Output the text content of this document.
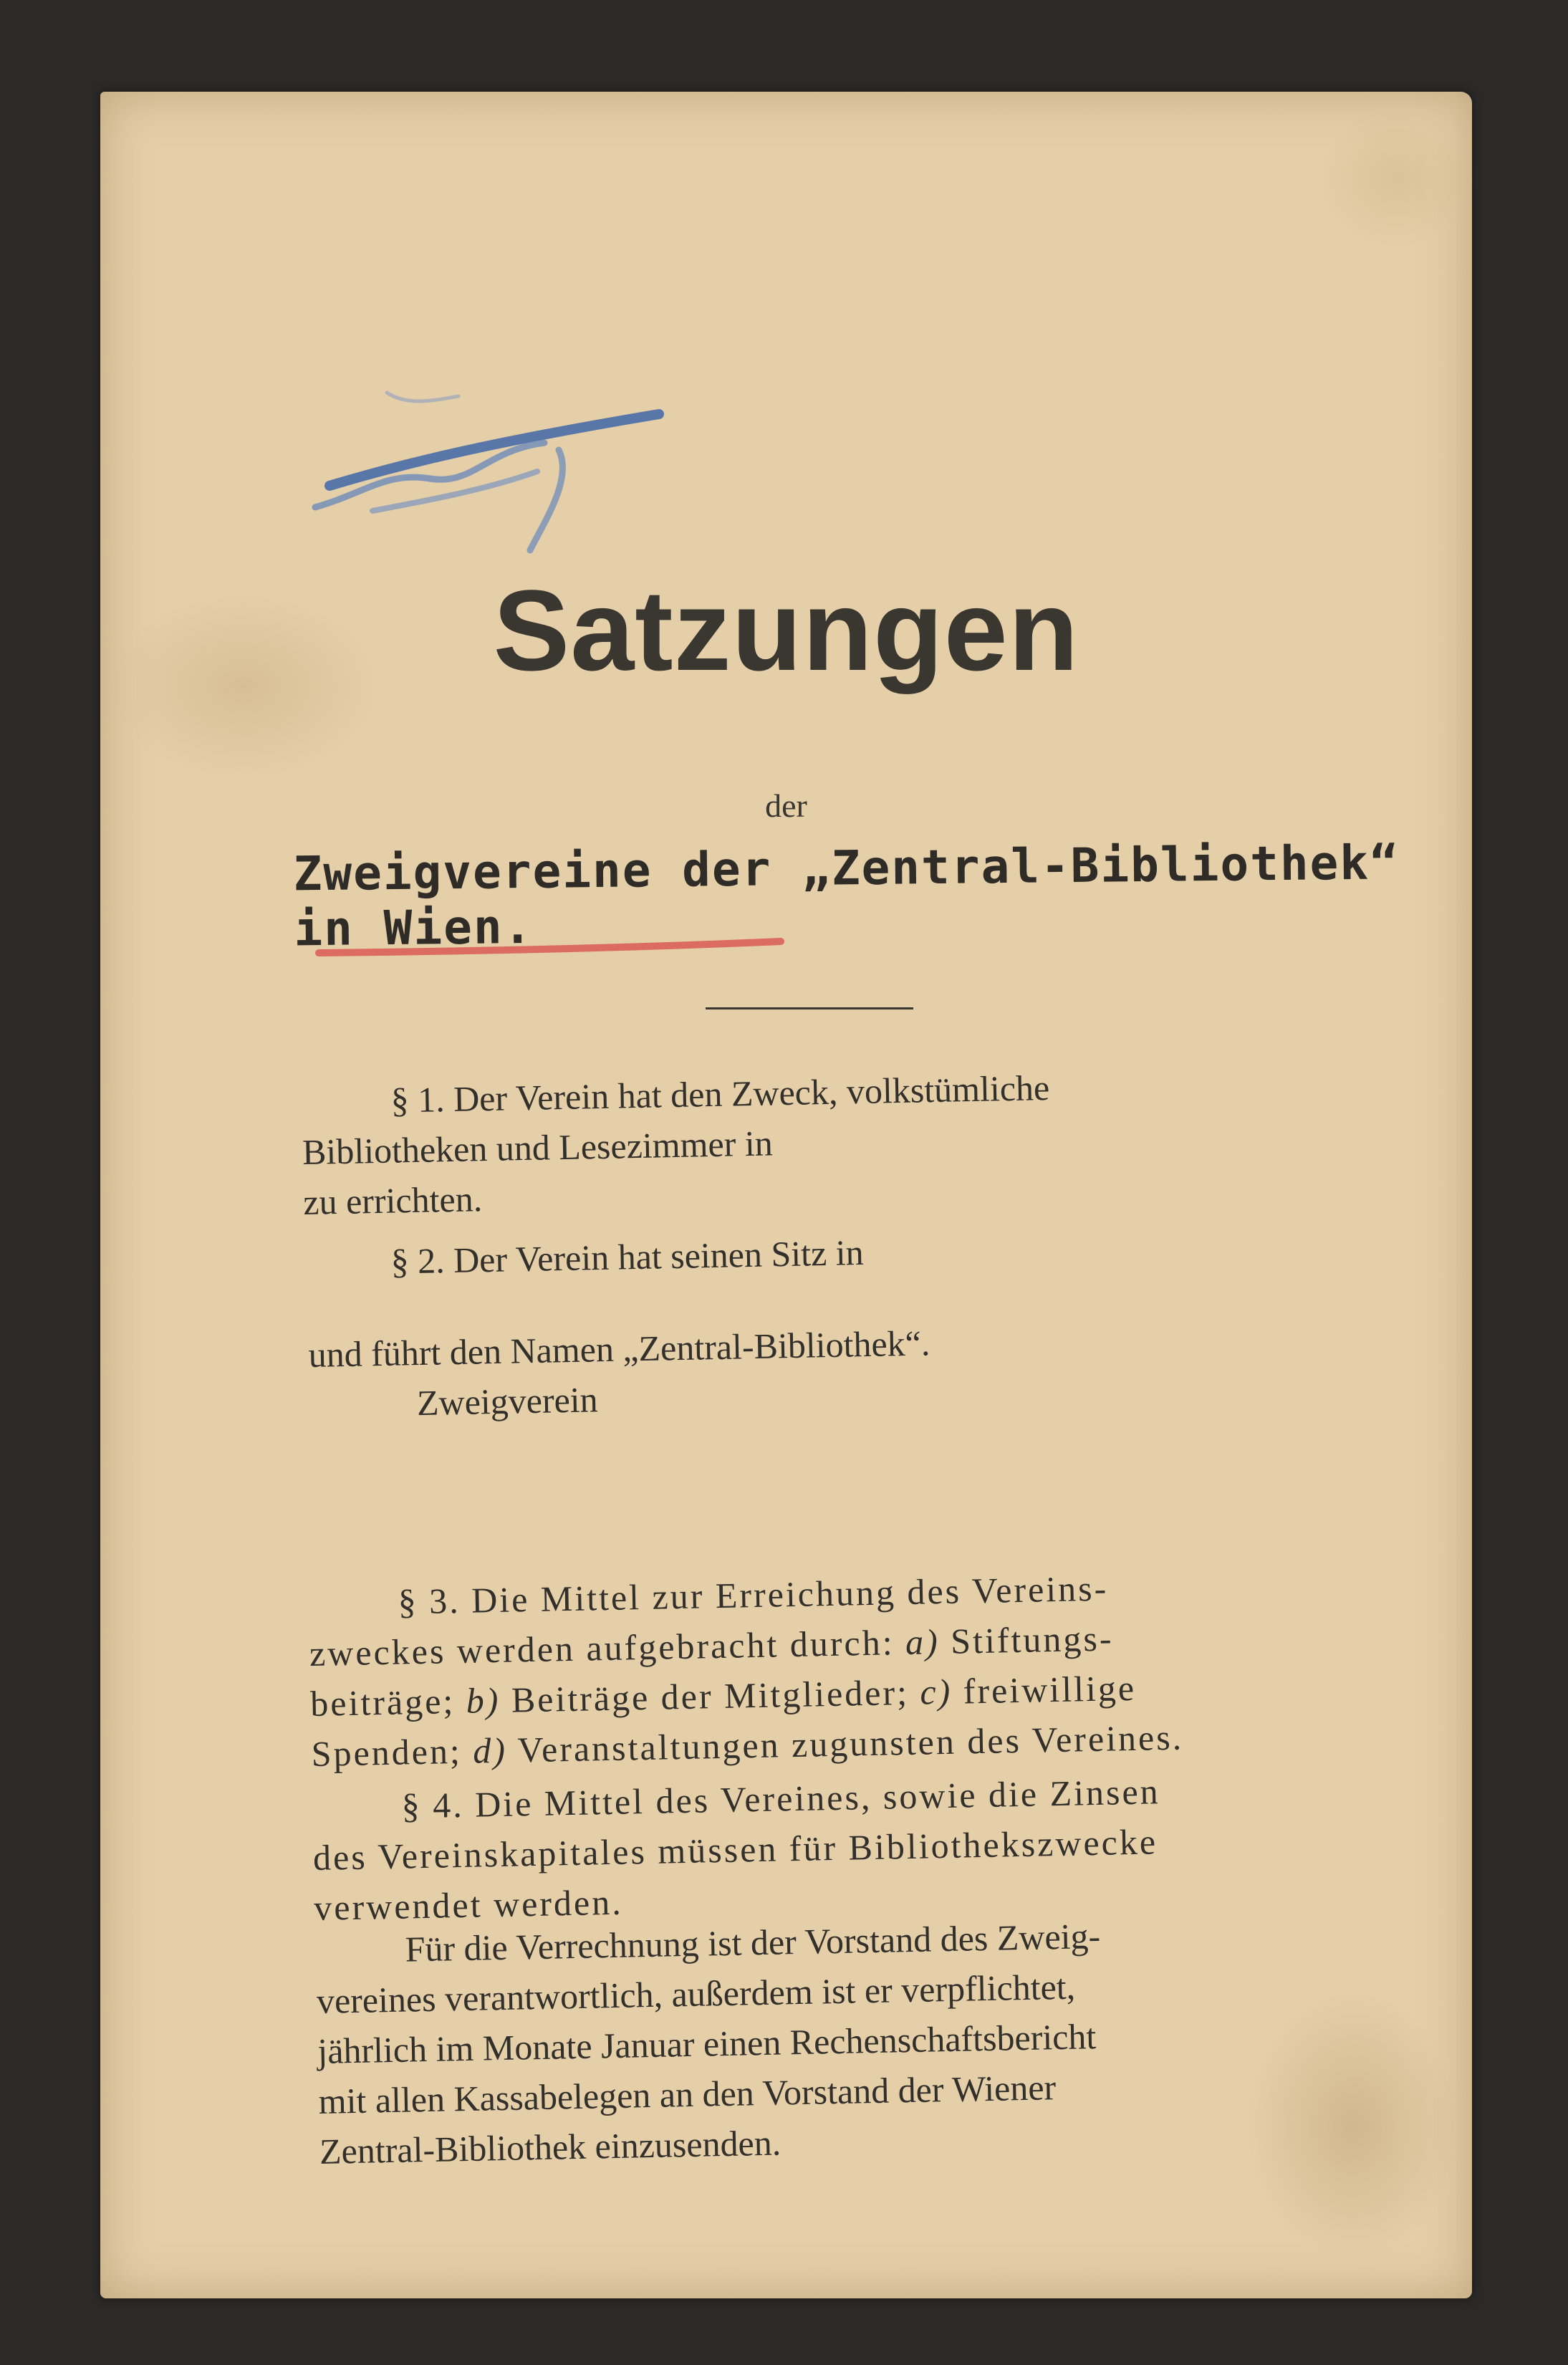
Satzungen

der

Zweigvereine der „Zentral-Bibliothek“ in Wien.

§ 1. Der Verein hat den Zweck, volkstümliche
Bibliotheken und Lesezimmer in
zu errichten.
§ 2. Der Verein hat seinen Sitz in
und führt den Namen „Zentral-Bibliothek“.
Zweigverein
§ 3. Die Mittel zur Erreichung des Vereins-
zweckes werden aufgebracht durch: a) Stiftungs-
beiträge; b) Beiträge der Mitglieder; c) freiwillige
Spenden; d) Veranstaltungen zugunsten des Vereines.
§ 4. Die Mittel des Vereines, sowie die Zinsen
des Vereinskapitales müssen für Bibliothekszwecke
verwendet werden.
Für die Verrechnung ist der Vorstand des Zweig-
vereines verantwortlich, außerdem ist er verpflichtet,
jährlich im Monate Januar einen Rechenschaftsbericht
mit allen Kassabelegen an den Vorstand der Wiener
Zentral-Bibliothek einzusenden.
